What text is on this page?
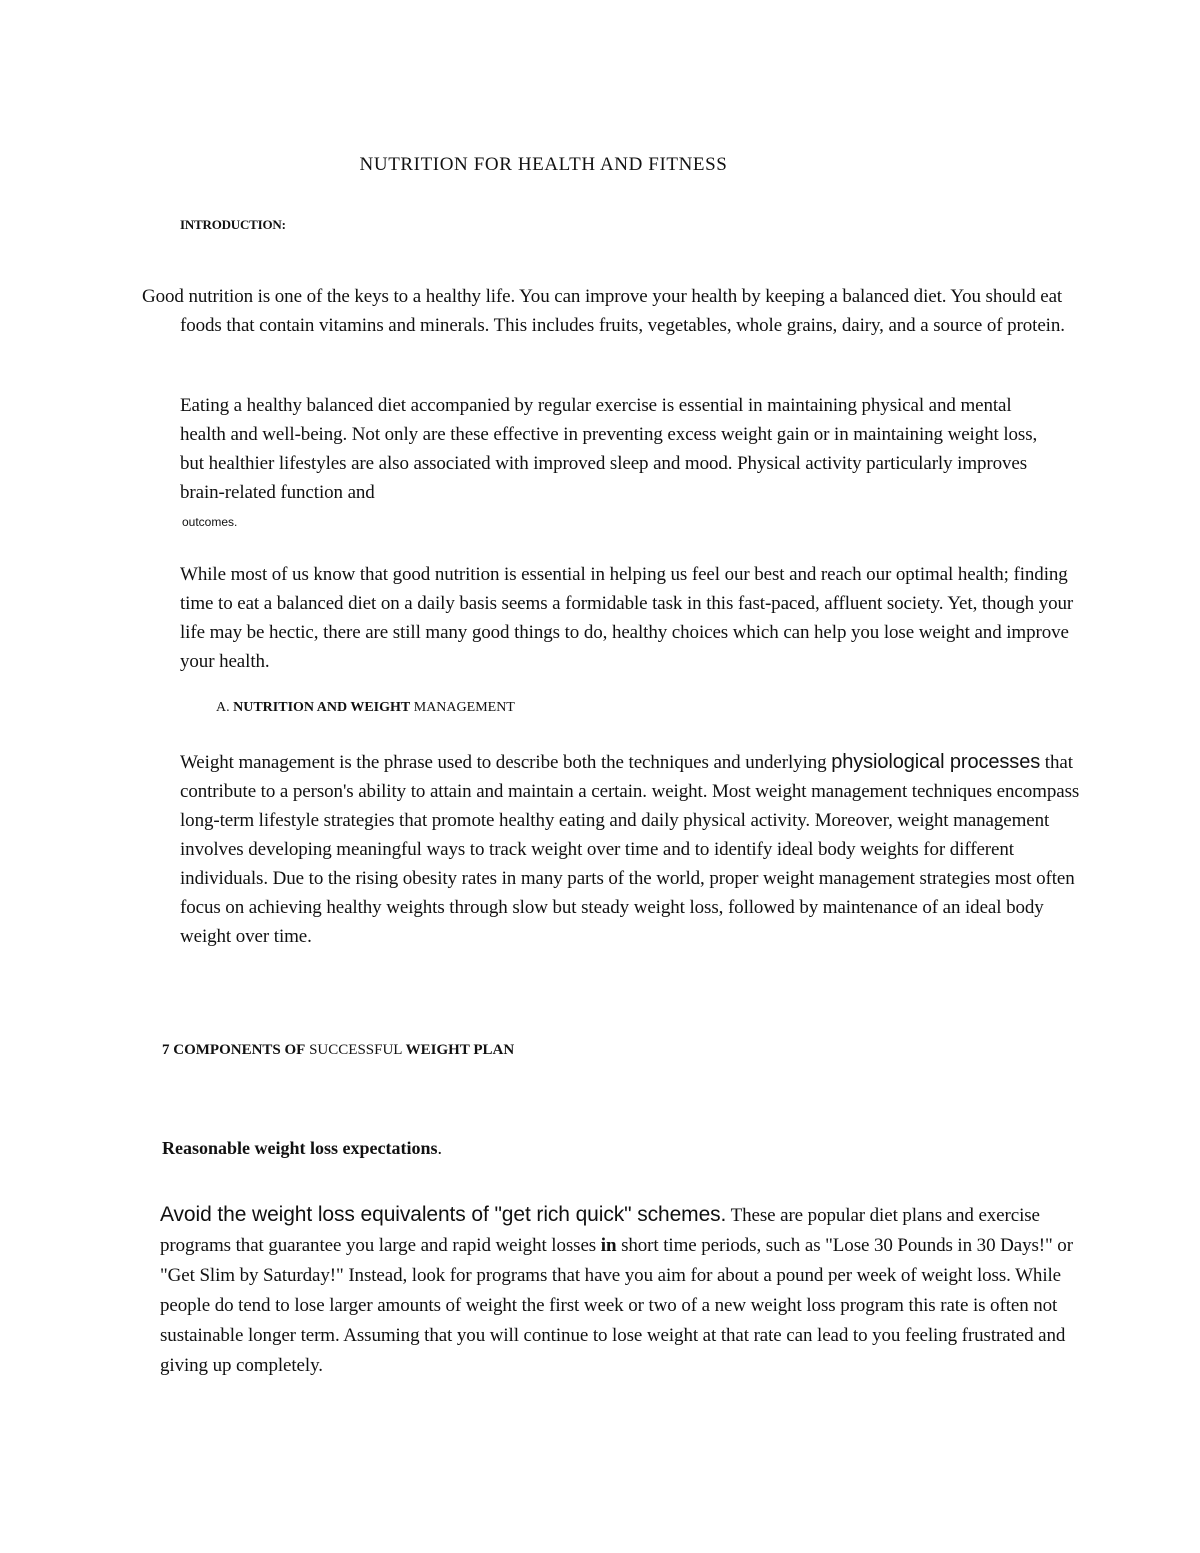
NUTRITION FOR HEALTH AND FITNESS
INTRODUCTION:

Good nutrition is one of the keys to a healthy life. You can improve your health by keeping a balanced diet. You should eat foods that contain vitamins and minerals. This includes fruits, vegetables, whole grains, dairy, and a source of protein.

Eating a healthy balanced diet accompanied by regular exercise is essential in maintaining physical and mental health and well-being. Not only are these effective in preventing excess weight gain or in maintaining weight loss, but healthier lifestyles are also associated with improved sleep and mood. Physical activity particularly improves brain-related function and

outcomes.

While most of us know that good nutrition is essential in helping us feel our best and reach our optimal health; finding time to eat a balanced diet on a daily basis seems a formidable task in this fast-paced, affluent society. Yet, though your life may be hectic, there are still many good things to do, healthy choices which can help you lose weight and improve your health.

A. NUTRITION AND WEIGHT MANAGEMENT

Weight management is the phrase used to describe both the techniques and underlying physiological processes that contribute to a person's ability to attain and maintain a certain. weight. Most weight management techniques encompass long-term lifestyle strategies that promote healthy eating and daily physical activity. Moreover, weight management involves developing meaningful ways to track weight over time and to identify ideal body weights for different individuals. Due to the rising obesity rates in many parts of the world, proper weight management strategies most often focus on achieving healthy weights through slow but steady weight loss, followed by maintenance of an ideal body weight over time.

7 COMPONENTS OF SUCCESSFUL WEIGHT PLAN
Reasonable weight loss expectations.

Avoid the weight loss equivalents of "get rich quick" schemes. These are popular diet plans and exercise programs that guarantee you large and rapid weight losses in short time periods, such as "Lose 30 Pounds in 30 Days!" or "Get Slim by Saturday!" Instead, look for programs that have you aim for about a pound per week of weight loss. While people do tend to lose larger amounts of weight the first week or two of a new weight loss program this rate is often not sustainable longer term. Assuming that you will continue to lose weight at that rate can lead to you feeling frustrated and giving up completely.
